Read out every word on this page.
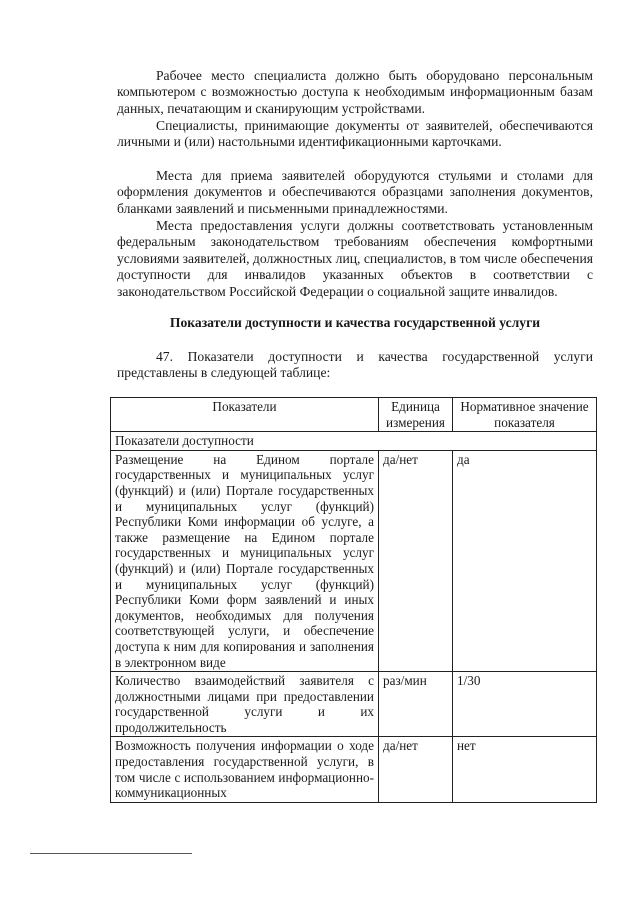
Рабочее место специалиста должно быть оборудовано персональным компьютером с возможностью доступа к необходимым информационным базам данных, печатающим и сканирующим устройствами.

Специалисты, принимающие документы от заявителей, обеспечиваются личными и (или) настольными идентификационными карточками.

Места для приема заявителей оборудуются стульями и столами для оформления документов и обеспечиваются образцами заполнения документов, бланками заявлений и письменными принадлежностями.

Места предоставления услуги должны соответствовать установленным федеральным законодательством требованиям обеспечения комфортными условиями заявителей, должностных лиц, специалистов, в том числе обеспечения доступности для инвалидов указанных объектов в соответствии с законодательством Российской Федерации о социальной защите инвалидов.

Показатели доступности и качества государственной услуги

47. Показатели доступности и качества государственной услуги представлены в следующей таблице:

Показатели	Единица измерения	Нормативное значение показателя
Показатели доступности		
Размещение на Едином портале государственных и муниципальных услуг (функций) и (или) Портале государственных и муниципальных услуг (функций) Республики Коми информации об услуге, а также размещение на Едином портале государственных и муниципальных услуг (функций) и (или) Портале государственных и муниципальных услуг (функций) Республики Коми форм заявлений и иных документов, необходимых для получения соответствующей услуги, и обеспечение доступа к ним для копирования и заполнения в электронном виде	да/нет	да
Количество взаимодействий заявителя с должностными лицами при предоставлении государственной услуги и их продолжительность	раз/мин	1/30
Возможность получения информации о ходе предоставления государственной услуги, в том числе с использованием информационно-коммуникационных	да/нет	нет
